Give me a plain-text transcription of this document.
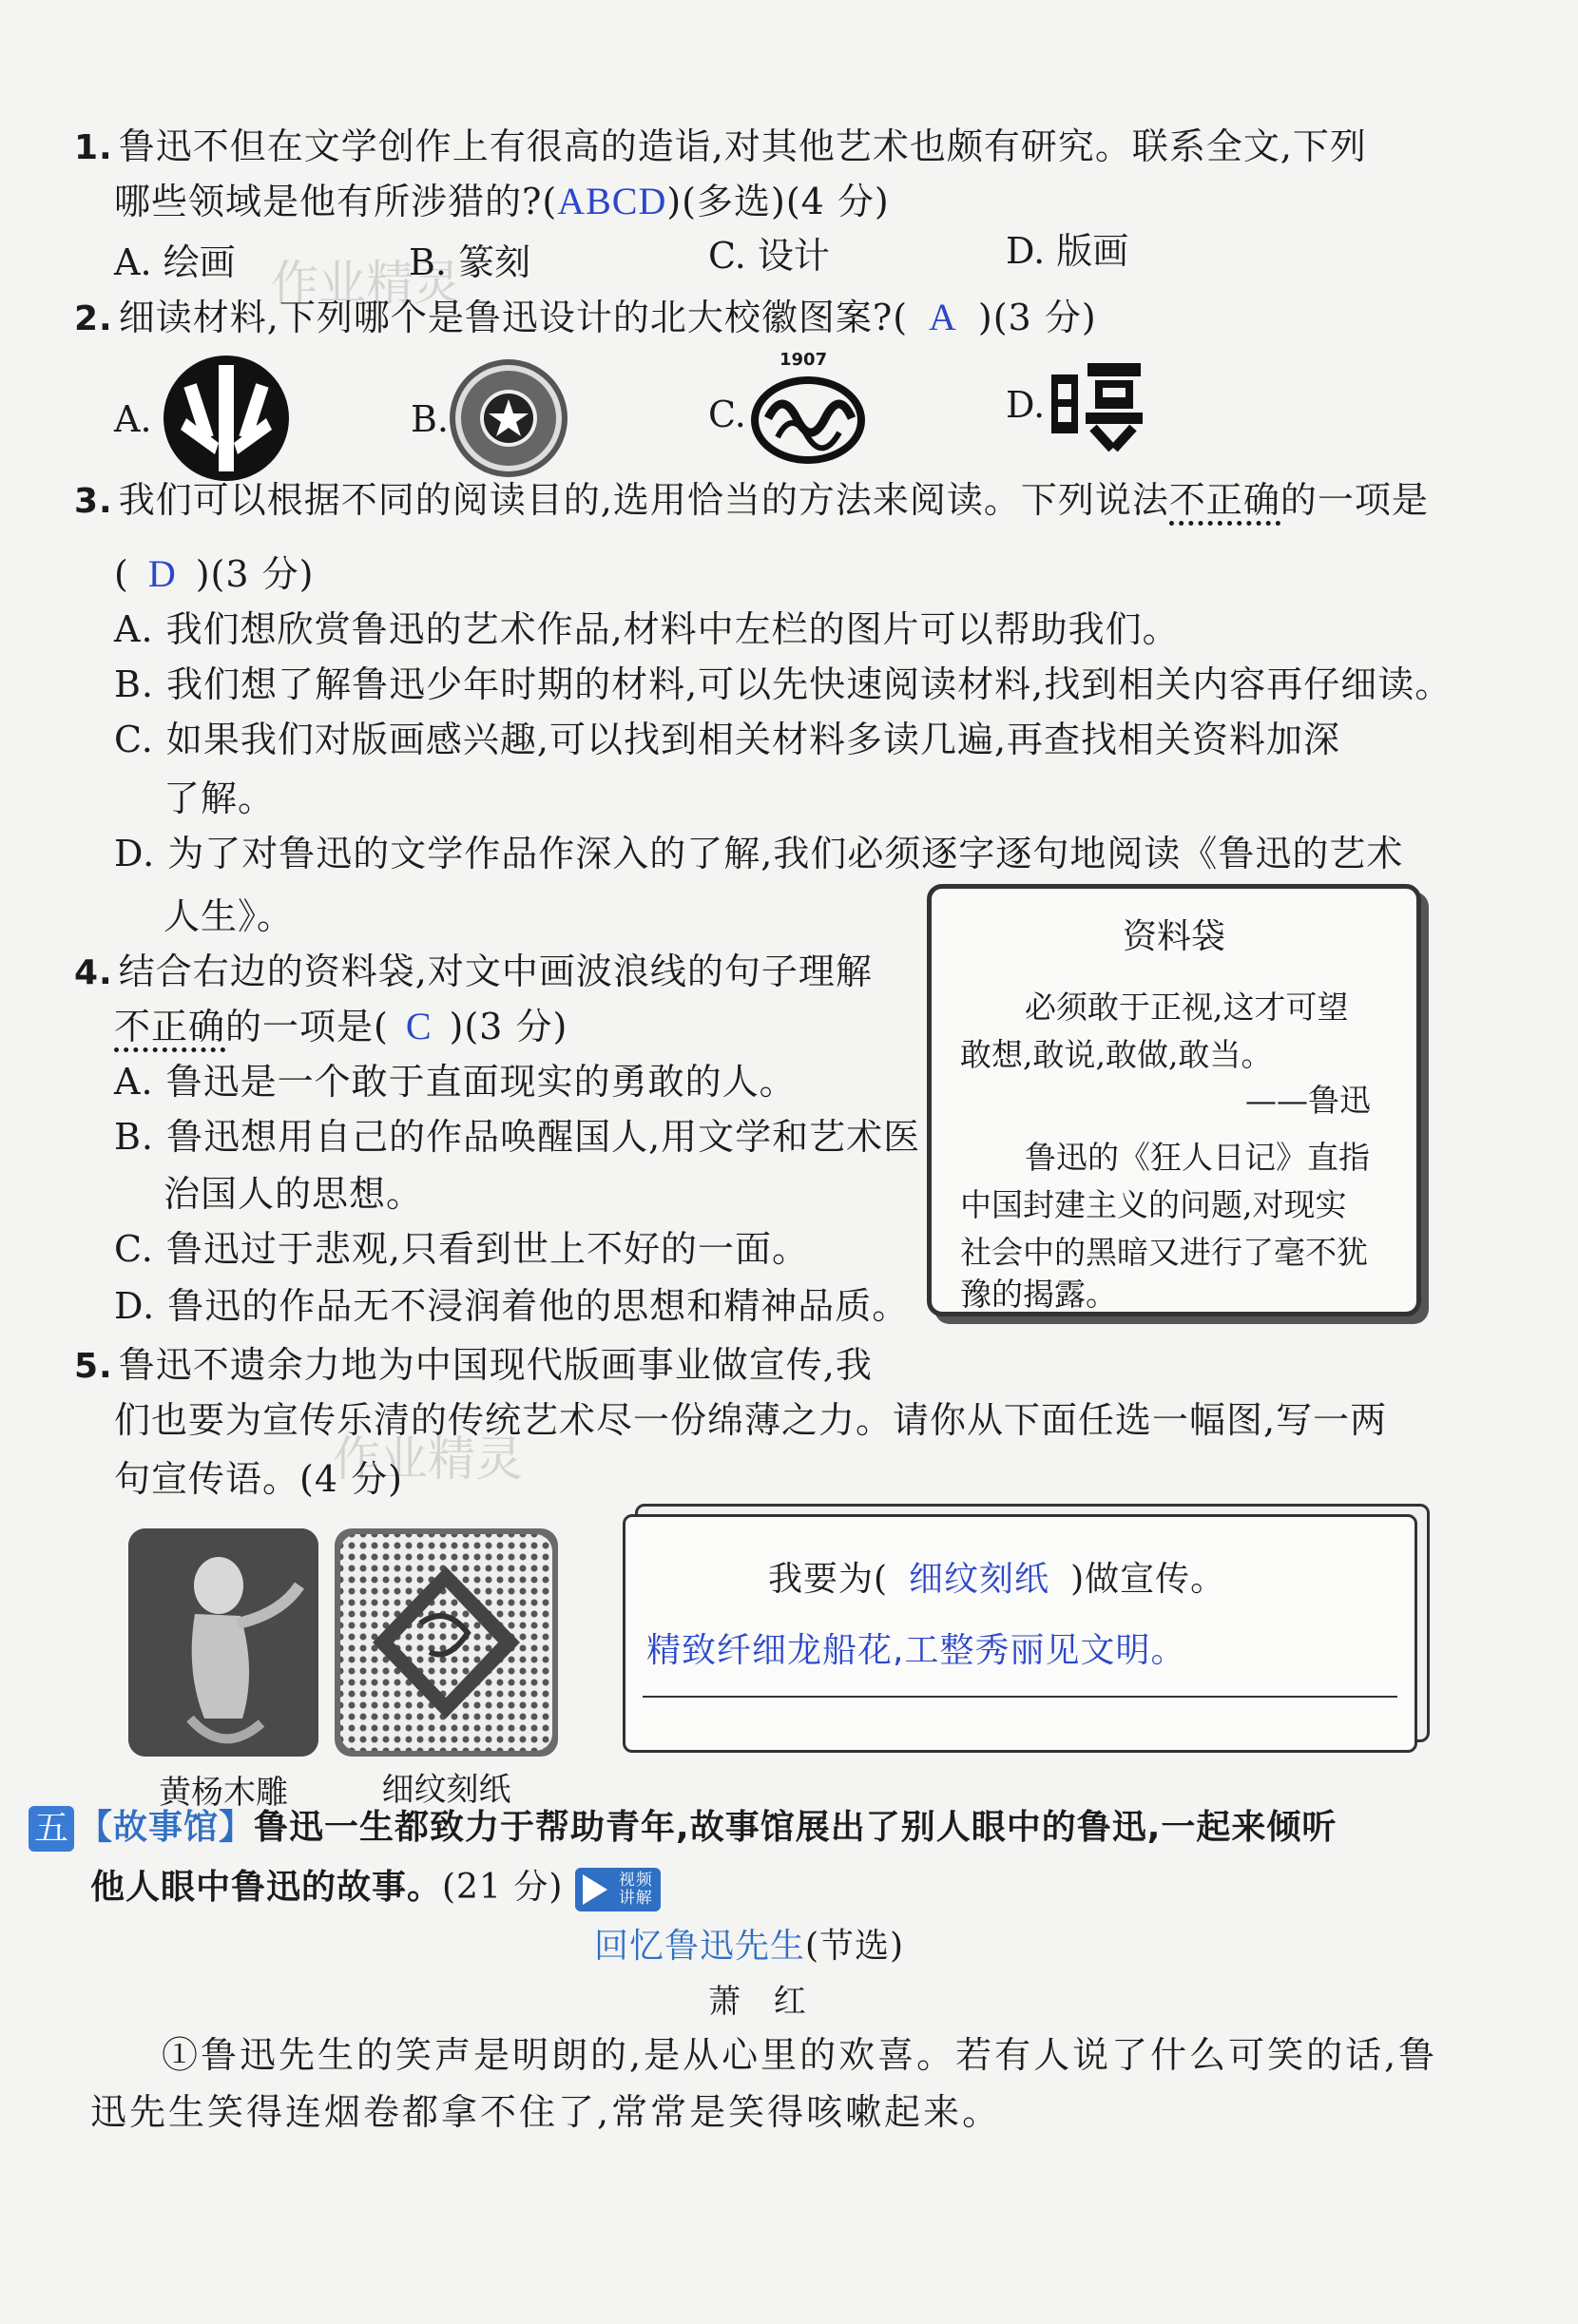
作业精灵
作业精灵
1. 鲁迅不但在文学创作上有很高的造诣,对其他艺术也颇有研究。联系全文,下列
哪些领域是他有所涉猎的?(ABCD)(多选)(4 分)
A. 绘画	B. 篆刻	C. 设计	D. 版画
2. 细读材料,下列哪个是鲁迅设计的北大校徽图案?( A )(3 分)
A.	B.	C.
1907
D.
3. 我们可以根据不同的阅读目的,选用恰当的方法来阅读。下列说法不正确的一项是
( D )(3 分)
A. 我们想欣赏鲁迅的艺术作品,材料中左栏的图片可以帮助我们。
B. 我们想了解鲁迅少年时期的材料,可以先快速阅读材料,找到相关内容再仔细读。
C. 如果我们对版画感兴趣,可以找到相关材料多读几遍,再查找相关资料加深
了解。
D. 为了对鲁迅的文学作品作深入的了解,我们必须逐字逐句地阅读《鲁迅的艺术
人生》。
4. 结合右边的资料袋,对文中画波浪线的句子理解
不正确的一项是( C )(3 分)
A. 鲁迅是一个敢于直面现实的勇敢的人。
B. 鲁迅想用自己的作品唤醒国人,用文学和艺术医
治国人的思想。
C. 鲁迅过于悲观,只看到世上不好的一面。
D. 鲁迅的作品无不浸润着他的思想和精神品质。
资料袋
必须敢于正视,这才可望
敢想,敢说,敢做,敢当。
——鲁迅
鲁迅的《狂人日记》直指
中国封建主义的问题,对现实
社会中的黑暗又进行了毫不犹
豫的揭露。
5. 鲁迅不遗余力地为中国现代版画事业做宣传,我
们也要为宣传乐清的传统艺术尽一份绵薄之力。请你从下面任选一幅图,写一两
句宣传语。(4 分)
黄杨木雕	细纹刻纸
我要为( 细纹刻纸 )做宣传。
精致纤细龙船花,工整秀丽见文明。
五 【故事馆】鲁迅一生都致力于帮助青年,故事馆展出了别人眼中的鲁迅,一起来倾听
他人眼中鲁迅的故事。(21 分)	视频
讲解
回忆鲁迅先生(节选)
萧 红
①鲁迅先生的笑声是明朗的,是从心里的欢喜。若有人说了什么可笑的话,鲁
迅先生笑得连烟卷都拿不住了,常常是笑得咳嗽起来。
